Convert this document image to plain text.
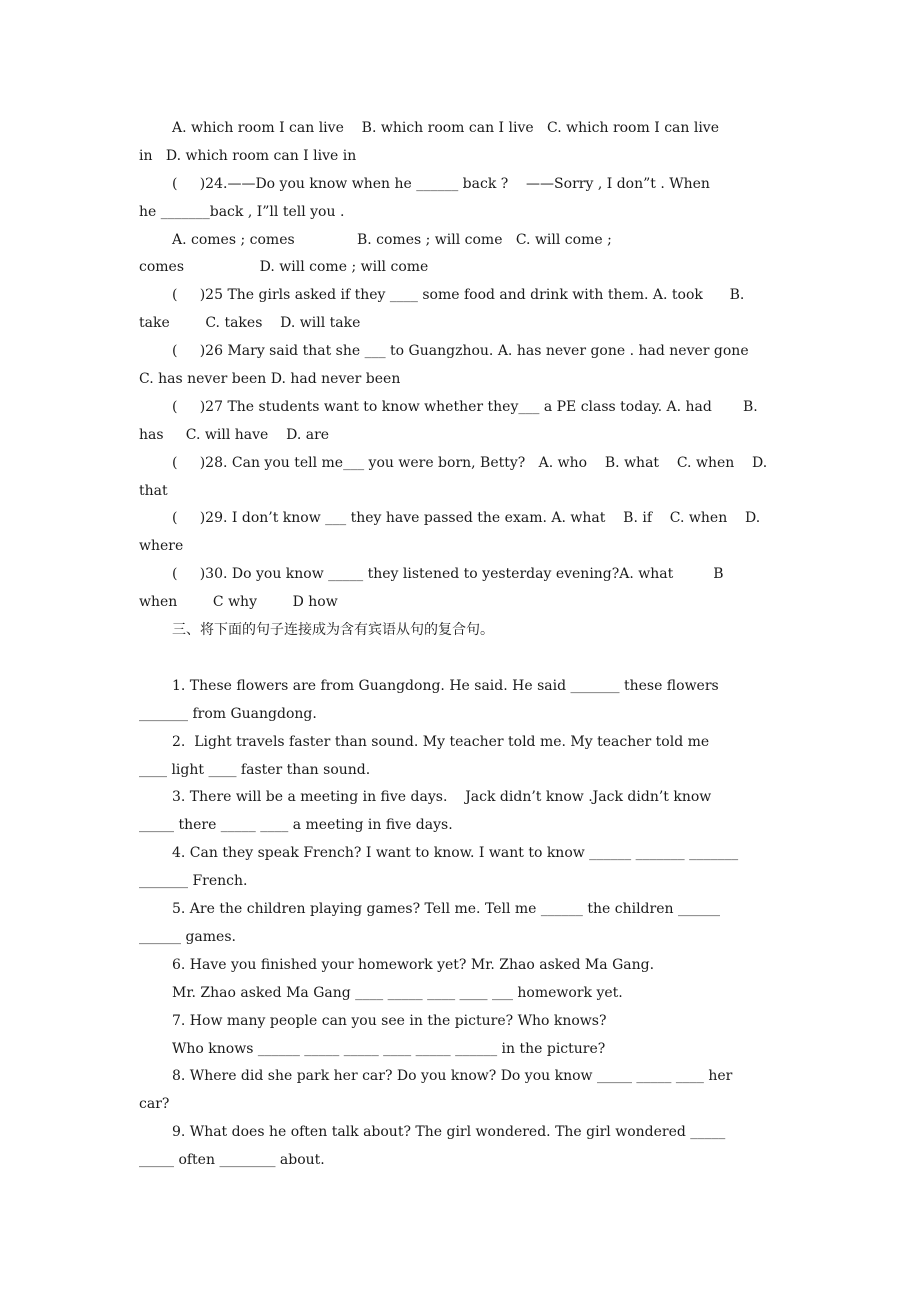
A. which room I can live    B. which room can I live   C. which room I can live
in   D. which room can I live in
(     )24.——Do you know when he ______ back ?    ——Sorry , I don”t . When
he _______back , I”ll tell you .
A. comes ; comes              B. comes ; will come   C. will come ;
comes                 D. will come ; will come
(     )25 The girls asked if they ____ some food and drink with them. A. took      B.
take        C. takes    D. will take
(     )26 Mary said that she ___ to Guangzhou. A. has never gone . had never gone
C. has never been D. had never been
(     )27 The students want to know whether they___ a PE class today. A. had       B.
has     C. will have    D. are
(     )28. Can you tell me___ you were born, Betty?   A. who    B. what    C. when    D.
that
(     )29. I don’t know ___ they have passed the exam. A. what    B. if    C. when    D.
where
(     )30. Do you know _____ they listened to yesterday evening?A. what         B
when        C why        D how
三、将下面的句子连接成为含有宾语从句的复合句。
1. These flowers are from Guangdong. He said. He said _______ these flowers
_______ from Guangdong.
2.  Light travels faster than sound. My teacher told me. My teacher told me
____ light ____ faster than sound.
3. There will be a meeting in five days.    Jack didn’t know .Jack didn’t know
_____ there _____ ____ a meeting in five days.
4. Can they speak French? I want to know. I want to know ______ _______ _______
_______ French.
5. Are the children playing games? Tell me. Tell me ______ the children ______
______ games.
6. Have you finished your homework yet? Mr. Zhao asked Ma Gang.
Mr. Zhao asked Ma Gang ____ _____ ____ ____ ___ homework yet.
7. How many people can you see in the picture? Who knows?
Who knows ______ _____ _____ ____ _____ ______ in the picture?
8. Where did she park her car? Do you know? Do you know _____ _____ ____ her
car?
9. What does he often talk about? The girl wondered. The girl wondered _____
_____ often ________ about.
